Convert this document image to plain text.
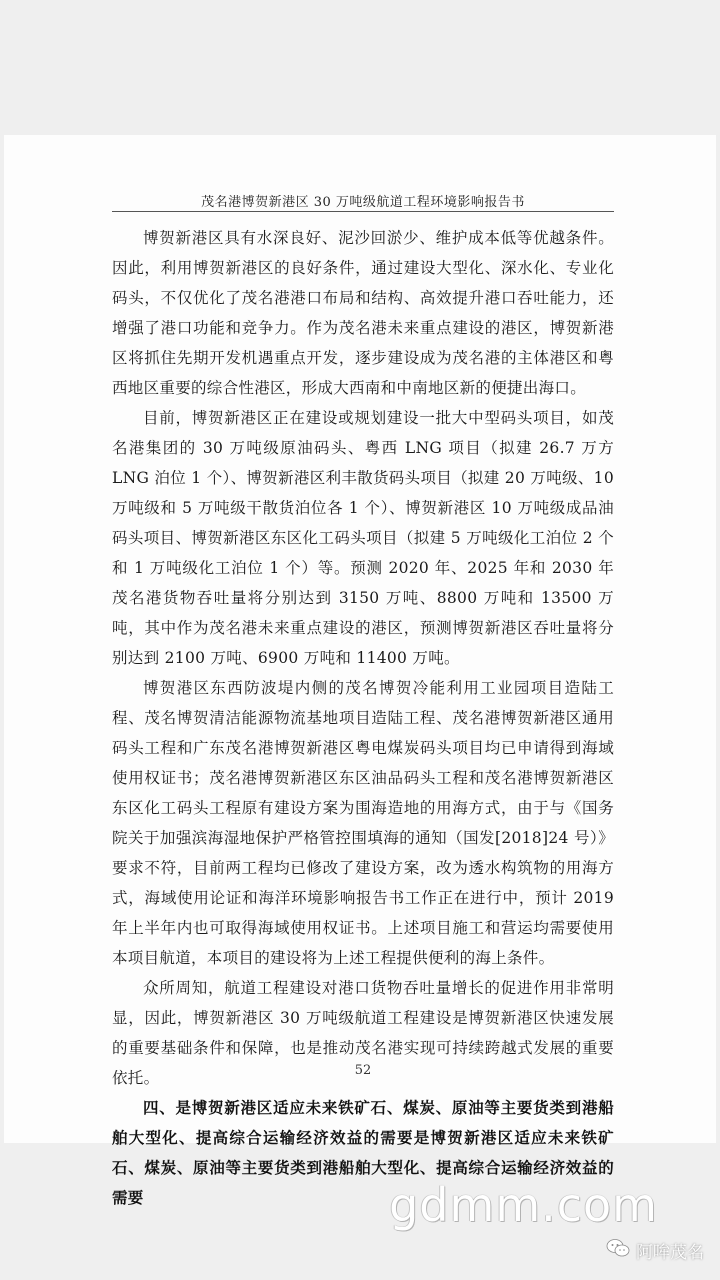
茂名港博贺新港区 30 万吨级航道工程环境影响报告书

博贺新港区具有水深良好、泥沙回淤少、维护成本低等优越条件。因此，利用博贺新港区的良好条件，通过建设大型化、深水化、专业化码头，不仅优化了茂名港港口布局和结构、高效提升港口吞吐能力，还增强了港口功能和竞争力。作为茂名港未来重点建设的港区，博贺新港区将抓住先期开发机遇重点开发，逐步建设成为茂名港的主体港区和粤西地区重要的综合性港区，形成大西南和中南地区新的便捷出海口。

目前，博贺新港区正在建设或规划建设一批大中型码头项目，如茂名港集团的 30 万吨级原油码头、粤西 LNG 项目（拟建 26.7 万方 LNG 泊位 1 个）、博贺新港区利丰散货码头项目（拟建 20 万吨级、10 万吨级和 5 万吨级干散货泊位各 1 个）、博贺新港区 10 万吨级成品油码头项目、博贺新港区东区化工码头项目（拟建 5 万吨级化工泊位 2 个和 1 万吨级化工泊位 1 个）等。预测 2020 年、2025 年和 2030 年茂名港货物吞吐量将分别达到 3150 万吨、8800 万吨和 13500 万吨，其中作为茂名港未来重点建设的港区，预测博贺新港区吞吐量将分别达到 2100 万吨、6900 万吨和 11400 万吨。

博贺港区东西防波堤内侧的茂名博贺冷能利用工业园项目造陆工程、茂名博贺清洁能源物流基地项目造陆工程、茂名港博贺新港区通用码头工程和广东茂名港博贺新港区粤电煤炭码头项目均已申请得到海域使用权证书；茂名港博贺新港区东区油品码头工程和茂名港博贺新港区东区化工码头工程原有建设方案为围海造地的用海方式，由于与《国务院关于加强滨海湿地保护严格管控围填海的通知（国发[2018]24 号）》要求不符，目前两工程均已修改了建设方案，改为透水构筑物的用海方式，海域使用论证和海洋环境影响报告书工作正在进行中，预计 2019 年上半年内也可取得海域使用权证书。上述项目施工和营运均需要使用本项目航道，本项目的建设将为上述工程提供便利的海上条件。

众所周知，航道工程建设对港口货物吞吐量增长的促进作用非常明显，因此，博贺新港区 30 万吨级航道工程建设是博贺新港区快速发展的重要基础条件和保障，也是推动茂名港实现可持续跨越式发展的重要依托。

四、是博贺新港区适应未来铁矿石、煤炭、原油等主要货类到港船舶大型化、提高综合运输经济效益的需要是博贺新港区适应未来铁矿石、煤炭、原油等主要货类到港船舶大型化、提高综合运输经济效益的需要

52
gdmm.com
阿哞茂名
